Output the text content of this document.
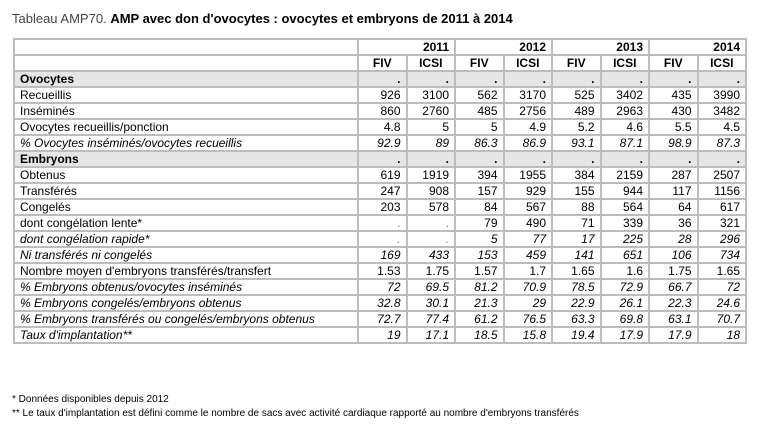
Tableau AMP70. AMP avec don d'ovocytes : ovocytes et embryons de 2011 à 2014
	2011		2012		2013		2014	
	FIV	ICSI	FIV	ICSI	FIV	ICSI	FIV	ICSI
Ovocytes	.	.	.	.	.	.	.	.
Recueillis	926	3100	562	3170	525	3402	435	3990
Inséminés	860	2760	485	2756	489	2963	430	3482
Ovocytes recueillis/ponction	4.8	5	5	4.9	5.2	4.6	5.5	4.5
% Ovocytes inséminés/ovocytes recueillis	92.9	89	86.3	86.9	93.1	87.1	98.9	87.3
Embryons	.	.	.	.	.	.	.	.
Obtenus	619	1919	394	1955	384	2159	287	2507
Transférés	247	908	157	929	155	944	117	1156
Congelés	203	578	84	567	88	564	64	617
dont congélation lente*	.	.	79	490	71	339	36	321
dont congélation rapide*	.	.	5	77	17	225	28	296
Ni transférés ni congelés	169	433	153	459	141	651	106	734
Nombre moyen d'embryons transférés/transfert	1.53	1.75	1.57	1.7	1.65	1.6	1.75	1.65
% Embryons obtenus/ovocytes inséminés	72	69.5	81.2	70.9	78.5	72.9	66.7	72
% Embryons congelés/embryons obtenus	32.8	30.1	21.3	29	22.9	26.1	22.3	24.6
% Embryons transférés ou congelés/embryons obtenus	72.7	77.4	61.2	76.5	63.3	69.8	63.1	70.7
Taux d'implantation**	19	17.1	18.5	15.8	19.4	17.9	17.9	18
* Données disponibles depuis 2012
** Le taux d'implantation est défini comme le nombre de sacs avec activité cardiaque rapporté au nombre d'embryons transférés
